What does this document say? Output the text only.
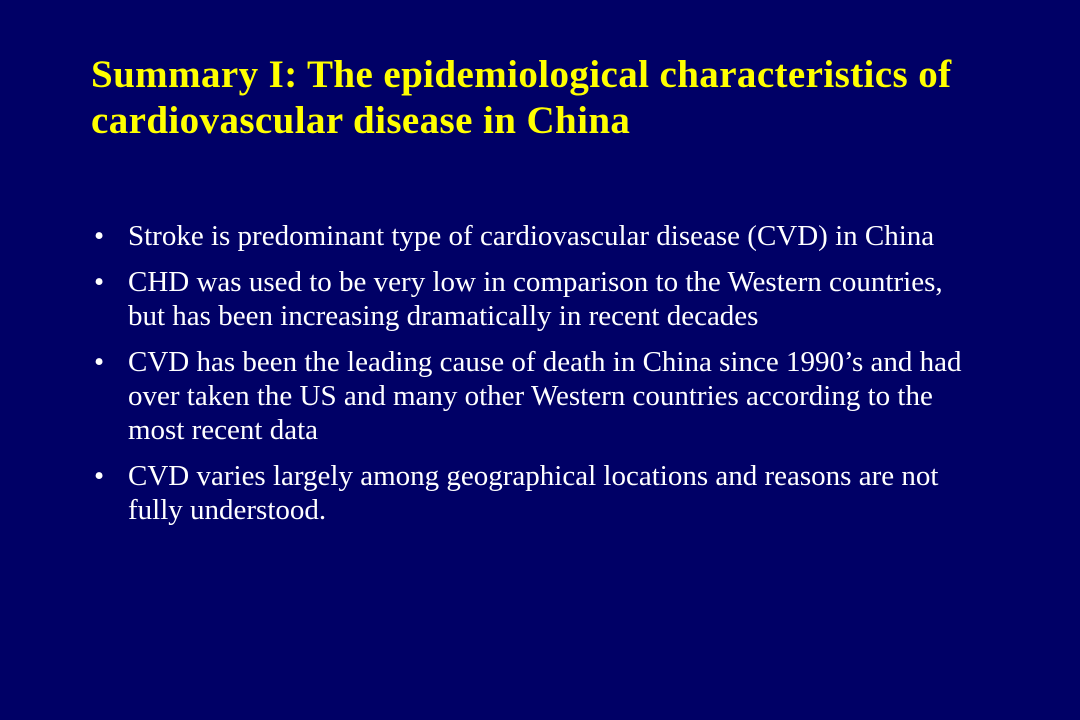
Summary I: The epidemiological characteristics of cardiovascular disease in China
• Stroke is predominant type of cardiovascular disease (CVD) in China
• CHD was used to be very low in comparison to the Western countries, but has been increasing dramatically in recent decades
• CVD has been the leading cause of death in China since 1990’s and had over taken the US and many other Western countries according to the most recent data
• CVD varies largely among geographical locations and reasons are not fully understood.
